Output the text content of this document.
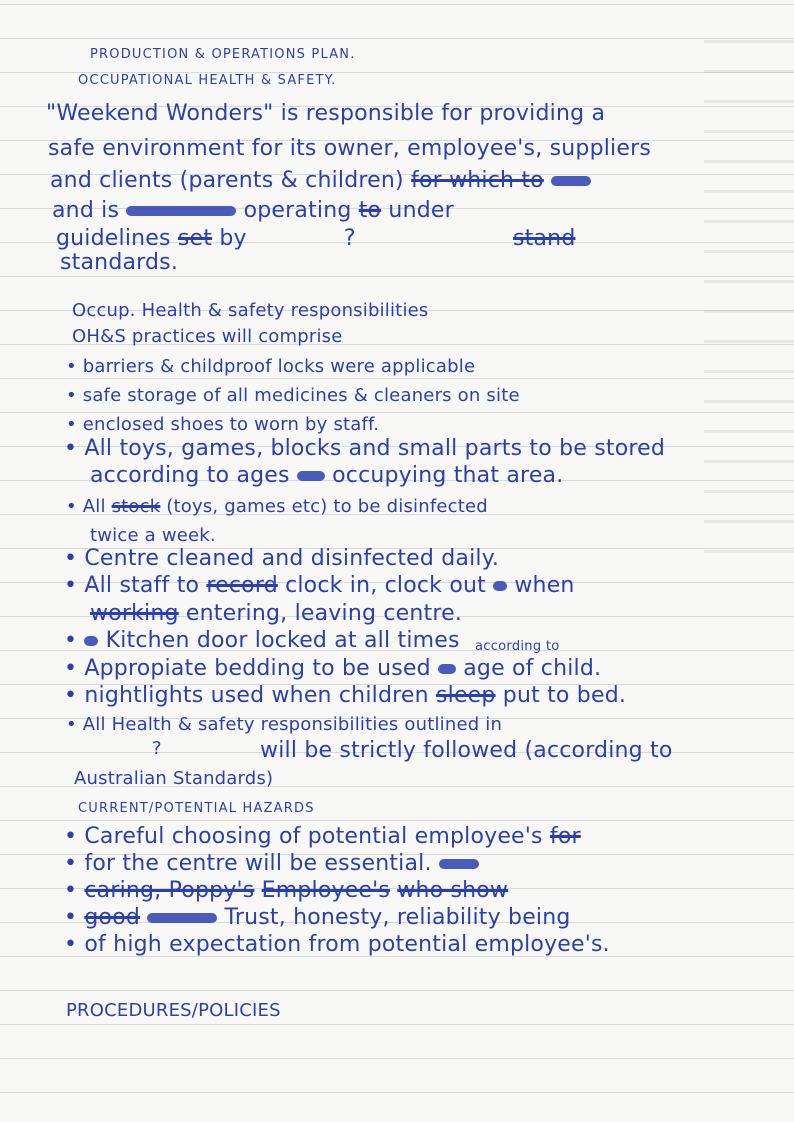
PRODUCTION & OPERATIONS PLAN.
OCCUPATIONAL HEALTH & SAFETY.
"Weekend Wonders" is responsible for providing a
safe environment for its owner, employee's, suppliers
and clients (parents & children) for which to
and is	operating to under
guidelines set by	?	stand
standards.
Occup. Health & safety responsibilities
OH&S practices will comprise
• barriers & childproof locks were applicable
• safe storage of all medicines & cleaners on site
• enclosed shoes to worn by staff.
• All toys, games, blocks and small parts to be stored
according to ages occupying that area.
• All stock (toys, games etc) to be disinfected
twice a week.
• Centre cleaned and disinfected daily.
• All staff to record clock in, clock out when
working entering, leaving centre.
•  Kitchen door locked at all times according to
• Appropiate bedding to be used age of child.
• nightlights used when children sleep put to bed.
• All Health & safety responsibilities outlined in
?	will be strictly followed (according to
Australian Standards)
CURRENT/POTENTIAL HAZARDS
• Careful choosing of potential employee's for
• for the centre will be essential.
• caring, Poppy's Employee's who show
• good	Trust, honesty, reliability being
• of high expectation from potential employee's.
PROCEDURES/POLICIES
